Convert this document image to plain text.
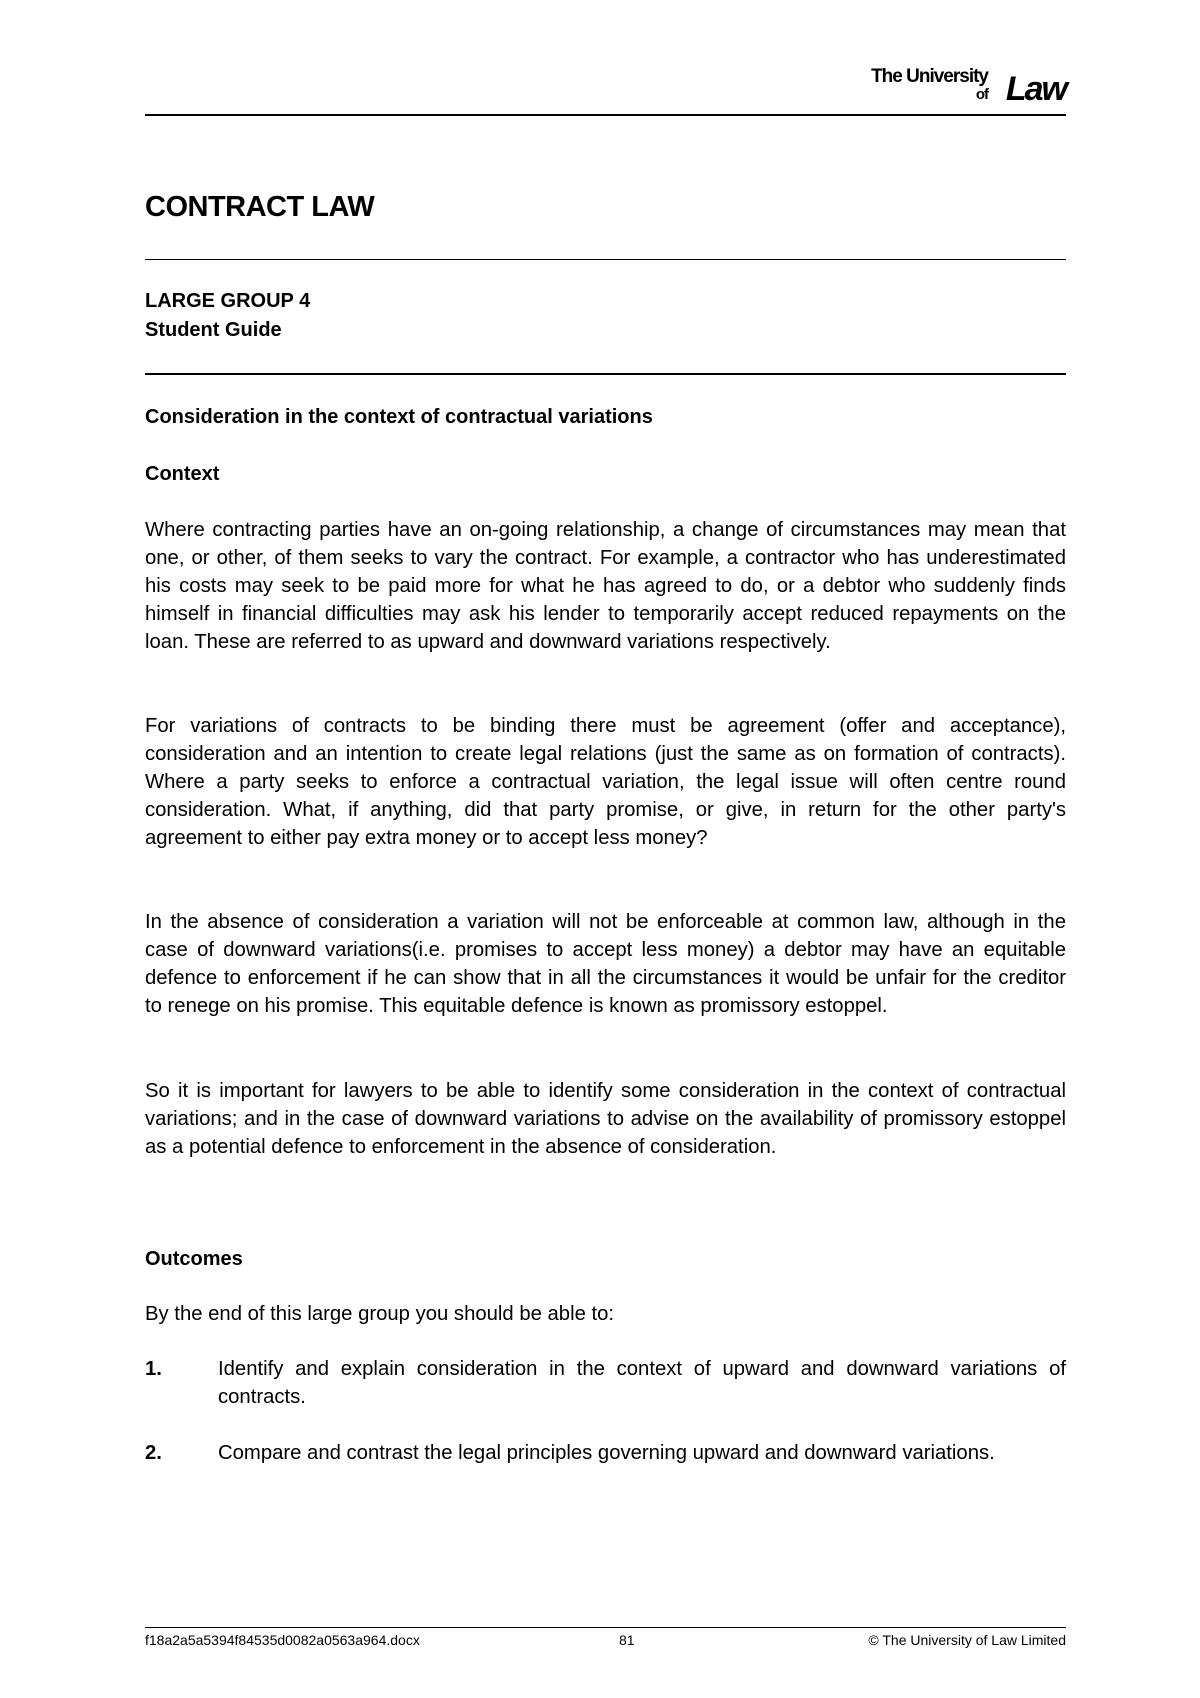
The University
of Law
CONTRACT LAW
LARGE GROUP 4
Student Guide
Consideration in the context of contractual variations
Context

Where contracting parties have an on-going relationship, a change of circumstances may mean that one, or other, of them seeks to vary the contract. For example, a contractor who has underestimated his costs may seek to be paid more for what he has agreed to do, or a debtor who suddenly finds himself in financial difficulties may ask his lender to temporarily accept reduced repayments on the loan. These are referred to as upward and downward variations respectively.

For variations of contracts to be binding there must be agreement (offer and acceptance), consideration and an intention to create legal relations (just the same as on formation of contracts). Where a party seeks to enforce a contractual variation, the legal issue will often centre round consideration. What, if anything, did that party promise, or give, in return for the other party's agreement to either pay extra money or to accept less money?

In the absence of consideration a variation will not be enforceable at common law, although in the case of downward variations(i.e. promises to accept less money) a debtor may have an equitable defence to enforcement if he can show that in all the circumstances it would be unfair for the creditor to renege on his promise. This equitable defence is known as promissory estoppel.

So it is important for lawyers to be able to identify some consideration in the context of contractual variations; and in the case of downward variations to advise on the availability of promissory estoppel as a potential defence to enforcement in the absence of consideration.

Outcomes

By the end of this large group you should be able to:

1.	Identify and explain consideration in the context of upward and downward variations of contracts.

2.	Compare and contrast the legal principles governing upward and downward variations.

f18a2a5a5394f84535d0082a0563a964.docx	81	© The University of Law Limited
